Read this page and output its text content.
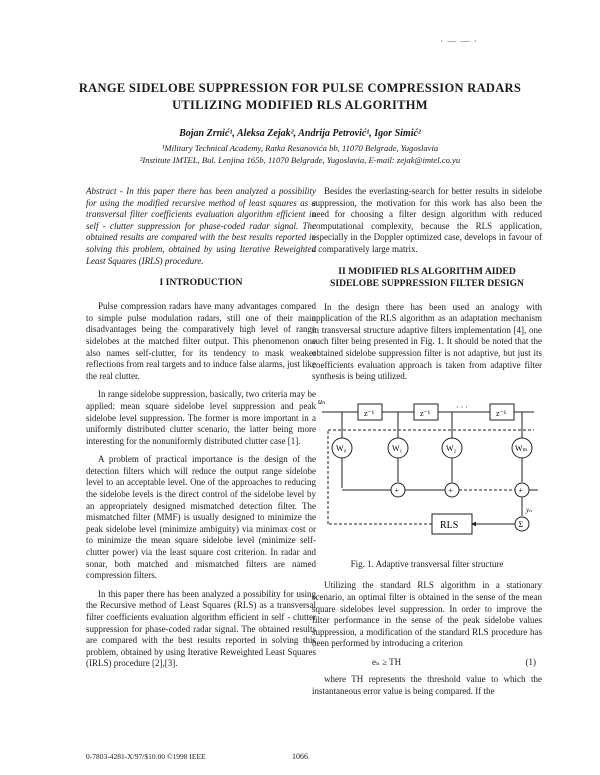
· — — ·
RANGE SIDELOBE SUPPRESSION FOR PULSE COMPRESSION RADARS
UTILIZING MODIFIED RLS ALGORITHM
Bojan Zrnić¹, Aleksa Zejak², Andrija Petrović¹, Igor Simić²
¹Military Technical Academy, Ratka Resanovića bb, 11070 Belgrade, Yugoslavia
²Institute IMTEL, Bul. Lenjina 165b, 11070 Belgrade, Yugoslavia, E-mail: zejak@imtel.co.yu

Abstract - In this paper there has been analyzed a possibility for using the modified recursive method of least squares as a transversal filter coefficients evaluation algorithm efficient in self - clutter suppression for phase-coded radar signal. The obtained results are compared with the best results reported in solving this problem, obtained by using Iterative Reweighted Least Squares (IRLS) procedure.

I INTRODUCTION

Pulse compression radars have many advantages compared to simple pulse modulation radars, still one of their main disadvantages being the comparatively high level of range sidelobes at the matched filter output. This phenomenon one also names self-clutter, for its tendency to mask weaker reflections from real targets and to induce false alarms, just like the real clutter.

In range sidelobe suppression, basically, two criteria may be applied: mean square sidelobe level suppression and peak sidelobe level suppression. The former is more important in a uniformly distributed clutter scenario, the latter being more interesting for the nonuniformly distributed clutter case [1].

A problem of practical importance is the design of the detection filters which will reduce the output range sidelobe level to an acceptable level. One of the approaches to reducing the sidelobe levels is the direct control of the sidelobe level by an appropriately designed mismatched detection filter. The mismatched filter (MMF) is usually designed to minimize the peak sidelobe level (minimize ambiguity) via minimax cost or to minimize the mean square sidelobe level (minimize self-clutter power) via the least square cost criterion. In radar and sonar, both matched and mismatched filters are named compression filters.

In this paper there has been analyzed a possibility for using the Recursive method of Least Squares (RLS) as a transversal filter coefficients evaluation algorithm efficient in self - clutter suppression for phase-coded radar signal. The obtained results are compared with the best results reported in solving this problem, obtained by using Iterative Reweighted Least Squares (IRLS) procedure [2],[3].

Besides the everlasting-search for better results in sidelobe suppression, the motivation for this work has also been the need for choosing a filter design algorithm with reduced computational complexity, because the RLS application, especially in the Doppler optimized case, develops in favour of a comparatively large matrix.

II MODIFIED RLS ALGORITHM AIDED
SIDELOBE SUPPRESSION FILTER DESIGN

In the design there has been used an analogy with application of the RLS algorithm as an adaptation mechanism in transversal structure adaptive filters implementation [4], one such filter being presented in Fig. 1. It should be noted that the obtained sidelobe suppression filter is not adaptive, but just its coefficients evaluation approach is taken from adaptive filter synthesis is being utilized.

uₙ
z⁻¹	z⁻¹	z⁻¹
· · ·
W₀	W₁	W₂	Wₘ
+	+	+
Σ
yₙ
RLS
Fig. 1. Adaptive transversal filter structure

Utilizing the standard RLS algorithm in a stationary scenario, an optimal filter is obtained in the sense of the mean square sidelobes level suppression. In order to improve the filter performance in the sense of the peak sidelobe values suppression, a modification of the standard RLS procedure has been performed by introducing a criterion

eₙ ≥ TH	(1)

where TH represents the threshold value to which the instantaneous error value is being compared. If the

0-7803-4281-X/97/$10.00 ©1998 IEEE	1066
